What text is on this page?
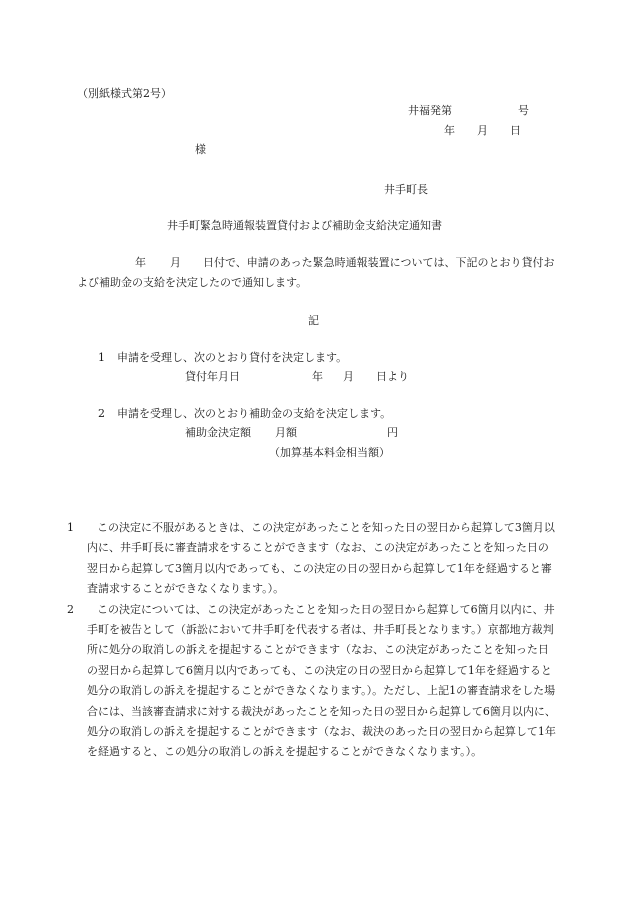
（別紙様式第2号）
井福発第	号
年 月 日
様
井手町長
井手町緊急時通報装置貸付および補助金支給決定通知書
年 月 日付で、申請のあった緊急時通報装置については、下記のとおり貸付および補助金の支給を決定したので通知します。
記
1 申請を受理し、次のとおり貸付を決定します。
貸付年月日	年 月 日より
2 申請を受理し、次のとおり補助金の支給を決定します。
補助金決定額 月額	円
（加算基本料金相当額）
1 この決定に不服があるときは、この決定があったことを知った日の翌日から起算して3箇月以内に、井手町長に審査請求をすることができます（なお、この決定があったことを知った日の翌日から起算して3箇月以内であっても、この決定の日の翌日から起算して1年を経過すると審査請求することができなくなります。）。
2 この決定については、この決定があったことを知った日の翌日から起算して6箇月以内に、井手町を被告として（訴訟において井手町を代表する者は、井手町長となります。）京都地方裁判所に処分の取消しの訴えを提起することができます（なお、この決定があったことを知った日の翌日から起算して6箇月以内であっても、この決定の日の翌日から起算して1年を経過すると処分の取消しの訴えを提起することができなくなります。）。ただし、上記1の審査請求をした場合には、当該審査請求に対する裁決があったことを知った日の翌日から起算して6箇月以内に、処分の取消しの訴えを提起することができます（なお、裁決のあった日の翌日から起算して1年を経過すると、この処分の取消しの訴えを提起することができなくなります。）。
